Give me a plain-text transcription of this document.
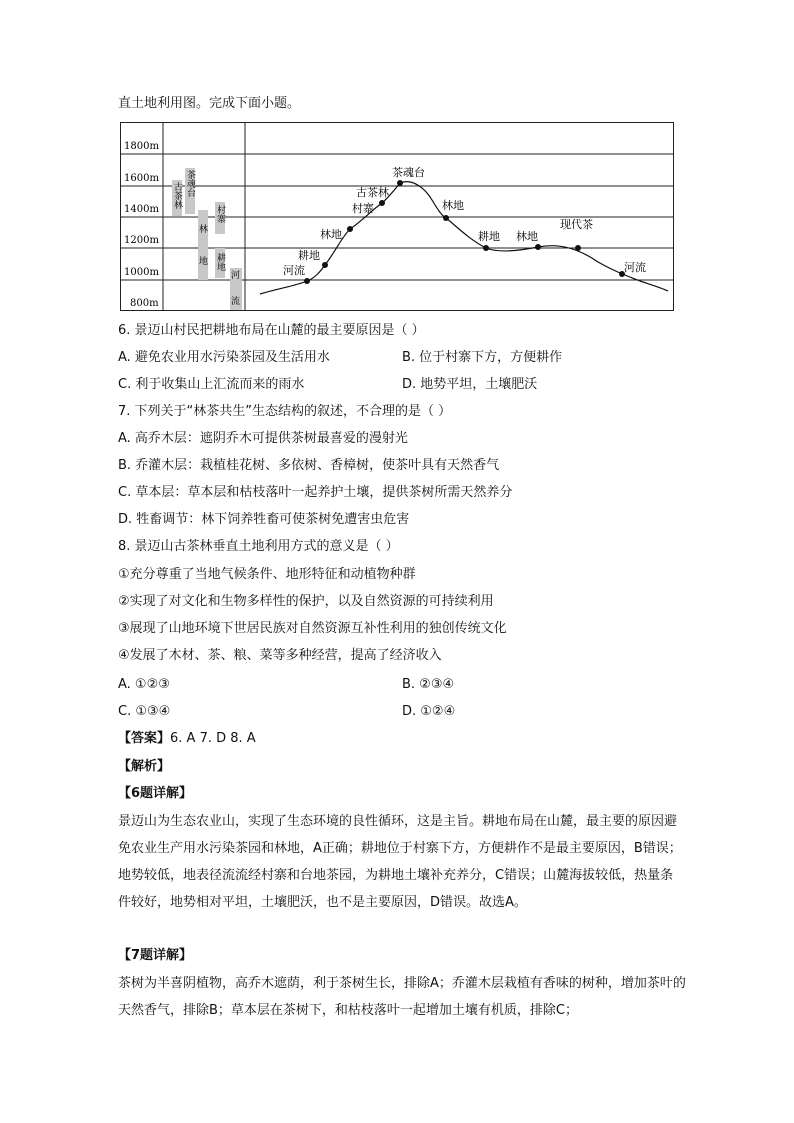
直土地利用图。完成下面小题。
1800m
1600m
1400m
1200m
1000m
800m
茶魂台
古茶林
林
村寨
地 耕地
河
流
茶魂台
古茶林
村寨
林地
林地
耕地
河流
耕地 林地
现代茶
河流
6. 景迈山村民把耕地布局在山麓的最主要原因是（ ）
A. 避免农业用水污染茶园及生活用水	B. 位于村寨下方，方便耕作
C. 利于收集山上汇流而来的雨水	D. 地势平坦，土壤肥沃
7. 下列关于“林茶共生”生态结构的叙述，不合理的是（ ）
A. 高乔木层：遮阴乔木可提供茶树最喜爱的漫射光
B. 乔灌木层：栽植桂花树、多依树、香樟树，使茶叶具有天然香气
C. 草本层：草本层和枯枝落叶一起养护土壤，提供茶树所需天然养分
D. 牲畜调节：林下饲养牲畜可使茶树免遭害虫危害
8. 景迈山古茶林垂直土地利用方式的意义是（ ）
①充分尊重了当地气候条件、地形特征和动植物种群
②实现了对文化和生物多样性的保护，以及自然资源的可持续利用
③展现了山地环境下世居民族对自然资源互补性利用的独创传统文化
④发展了木材、茶、粮、菜等多种经营，提高了经济收入
A. ①②③	B. ②③④
C. ①③④	D. ①②④
【答案】6. A 7. D 8. A
【解析】
【6题详解】
景迈山为生态农业山，实现了生态环境的良性循环，这是主旨。耕地布局在山麓，最主要的原因避免农业生产用水污染茶园和林地，A正确；耕地位于村寨下方，方便耕作不是最主要原因，B错误；地势较低，地表径流流经村寨和台地茶园，为耕地土壤补充养分，C错误；山麓海拔较低，热量条件较好，地势相对平坦，土壤肥沃，也不是主要原因，D错误。故选A。
【7题详解】
茶树为半喜阴植物，高乔木遮荫，利于茶树生长，排除A；乔灌木层栽植有香味的树种，增加茶叶的天然香气，排除B；草本层在茶树下，和枯枝落叶一起增加土壤有机质，排除C；
